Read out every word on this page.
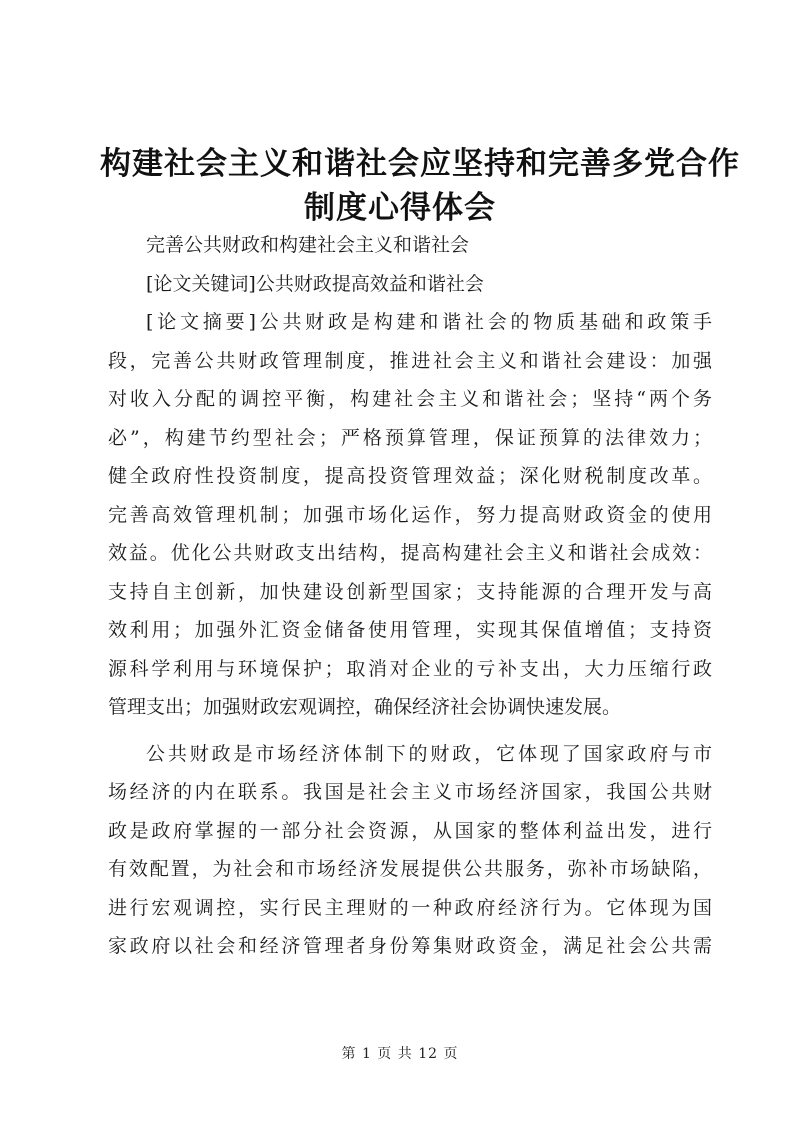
构建社会主义和谐社会应坚持和完善多党合作
制度心得体会
完善公共财政和构建社会主义和谐社会
[论文关键词]公共财政提高效益和谐社会
[论文摘要]公共财政是构建和谐社会的物质基础和政策手
段，完善公共财政管理制度，推进社会主义和谐社会建设：加强
对收入分配的调控平衡，构建社会主义和谐社会；坚持“两个务
必”，构建节约型社会；严格预算管理，保证预算的法律效力；
健全政府性投资制度，提高投资管理效益；深化财税制度改革。
完善高效管理机制；加强市场化运作，努力提高财政资金的使用
效益。优化公共财政支出结构，提高构建社会主义和谐社会成效：
支持自主创新，加快建设创新型国家；支持能源的合理开发与高
效利用；加强外汇资金储备使用管理，实现其保值增值；支持资
源科学利用与环境保护；取消对企业的亏补支出，大力压缩行政
管理支出；加强财政宏观调控，确保经济社会协调快速发展。
公共财政是市场经济体制下的财政，它体现了国家政府与市
场经济的内在联系。我国是社会主义市场经济国家，我国公共财
政是政府掌握的一部分社会资源，从国家的整体利益出发，进行
有效配置，为社会和市场经济发展提供公共服务，弥补市场缺陷，
进行宏观调控，实行民主理财的一种政府经济行为。它体现为国
家政府以社会和经济管理者身份筹集财政资金，满足社会公共需
第 1 页 共 12 页
